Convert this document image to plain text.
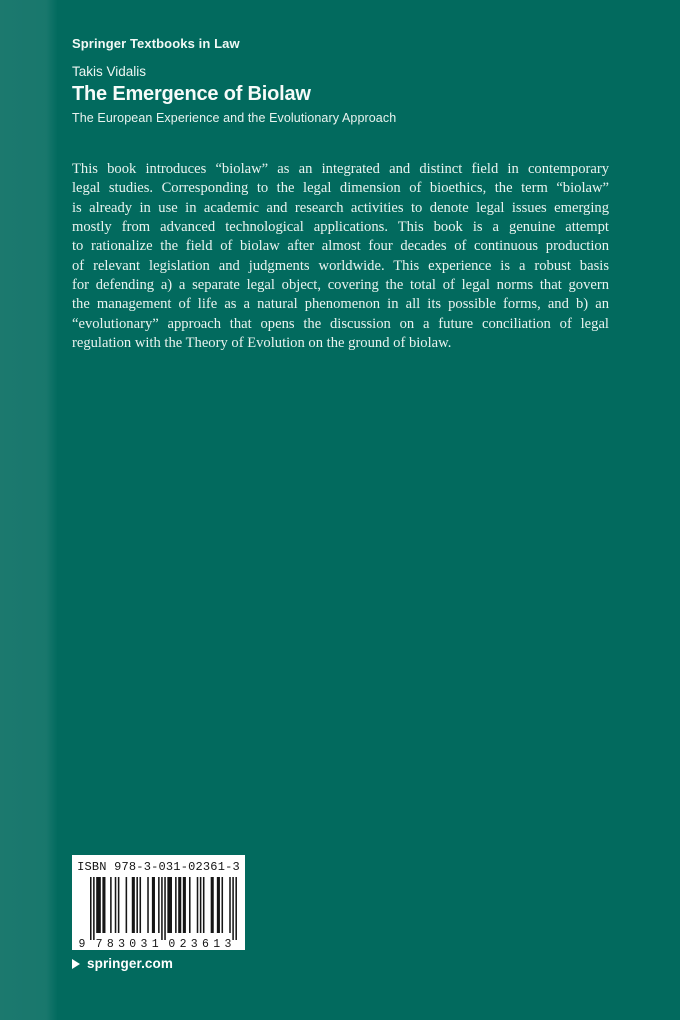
Springer Textbooks in Law
Takis Vidalis
The Emergence of Biolaw
The European Experience and the Evolutionary Approach
This book introduces “biolaw” as an integrated and distinct field in contemporary
legal studies. Corresponding to the legal dimension of bioethics, the term “biolaw”
is already in use in academic and research activities to denote legal issues emerging
mostly from advanced technological applications. This book is a genuine attempt
to rationalize the field of biolaw after almost four decades of continuous production
of relevant legislation and judgments worldwide. This experience is a robust basis
for defending a) a separate legal object, covering the total of legal norms that govern
the management of life as a natural phenomenon in all its possible forms, and b) an
“evolutionary” approach that opens the discussion on a future conciliation of legal
regulation with the Theory of Evolution on the ground of biolaw.
ISBN 978-3-031-02361-3
9 783031 023613
springer.com
